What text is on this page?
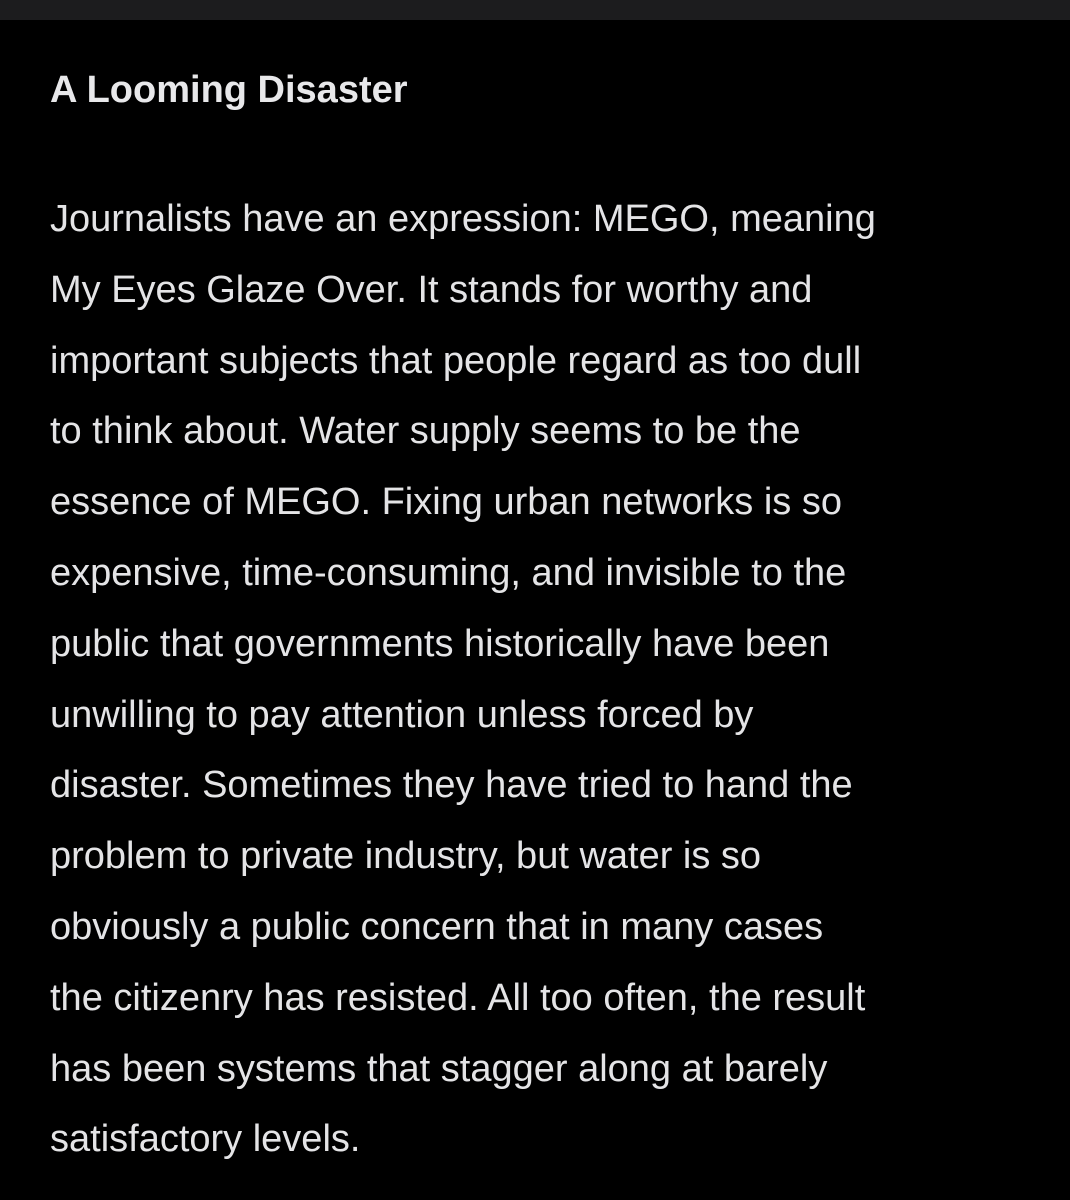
A Looming Disaster

Journalists have an expression: MEGO, meaning
My Eyes Glaze Over. It stands for worthy and
important subjects that people regard as too dull
to think about. Water supply seems to be the
essence of MEGO. Fixing urban networks is so
expensive, time-consuming, and invisible to the
public that governments historically have been
unwilling to pay attention unless forced by
disaster. Sometimes they have tried to hand the
problem to private industry, but water is so
obviously a public concern that in many cases
the citizenry has resisted. All too often, the result
has been systems that stagger along at barely
satisfactory levels.
